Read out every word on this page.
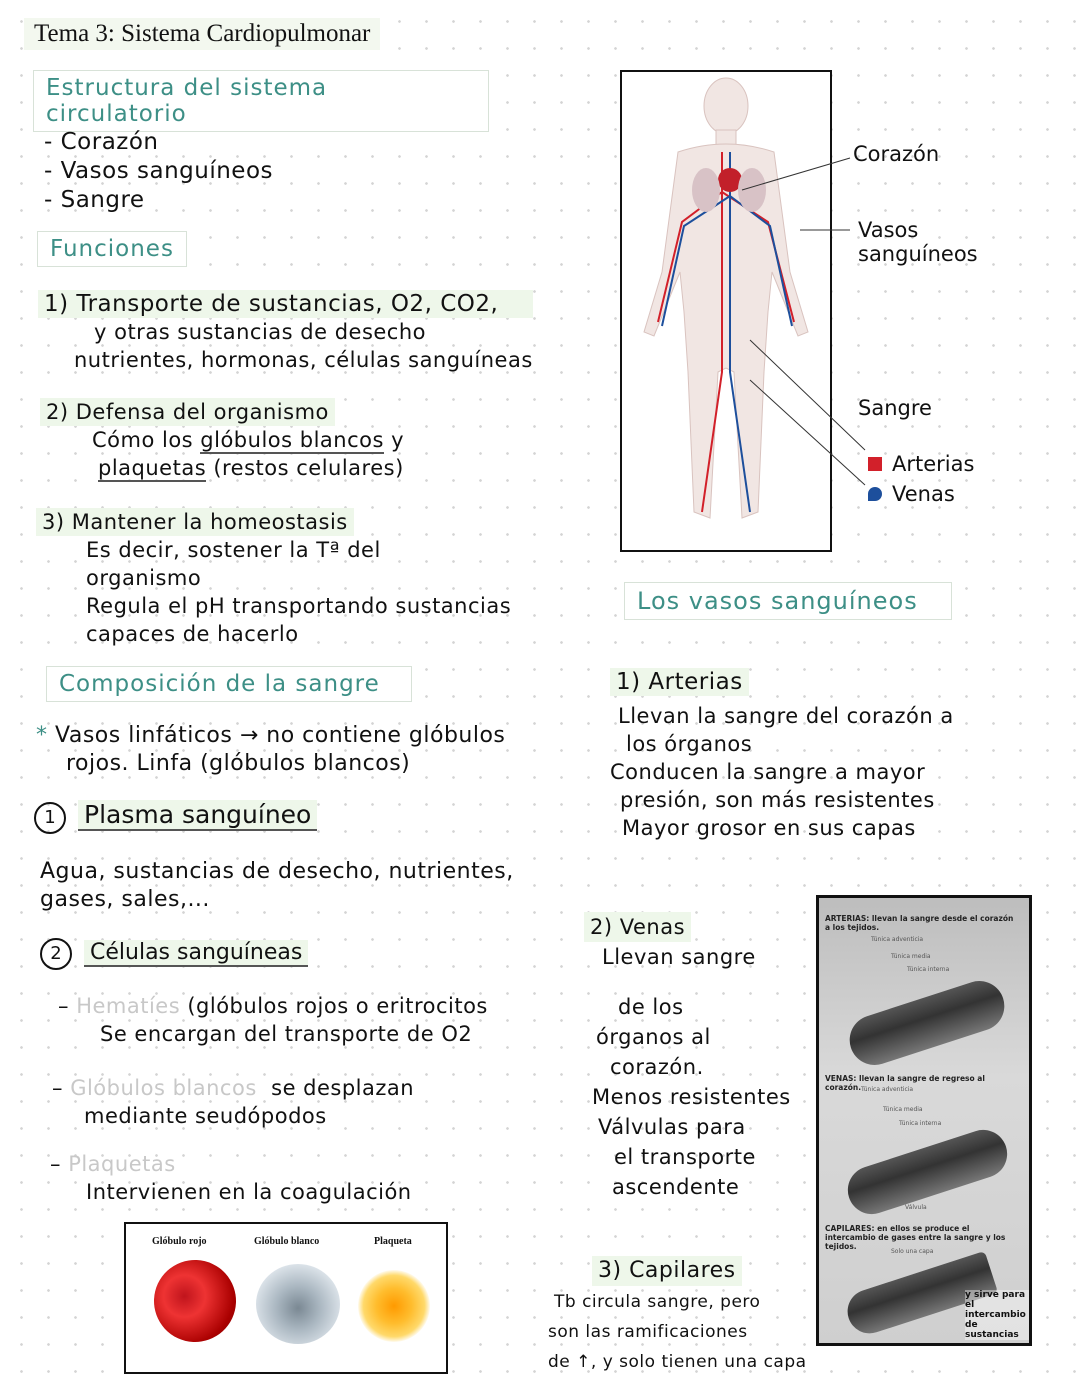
Tema 3: Sistema Cardiopulmonar
Estructura del sistema circulatorio
- Corazón
- Vasos sanguíneos
- Sangre
Funciones
1) Transporte de sustancias, O2, CO2,
y otras sustancias de desecho
nutrientes, hormonas, células sanguíneas
2) Defensa del organismo
Cómo los glóbulos blancos y
plaquetas (restos celulares)
3) Mantener la homeostasis
Es decir, sostener la Tª del
organismo
Regula el pH transportando sustancias
capaces de hacerlo
Composición de la sangre
* Vasos linfáticos → no contiene glóbulos
rojos. Linfa (glóbulos blancos)
1 Plasma sanguíneo
Agua, sustancias de desecho, nutrientes,
gases, sales,...
2 Células sanguíneas
– Hematíes (glóbulos rojos o eritrocitos
Se encargan del transporte de O2
– Glóbulos blancos se desplazan
mediante seudópodos
– Plaquetas
Intervienen en la coagulación
Glóbulo rojo	Glóbulo blanco	Plaqueta
Corazón
Vasos sanguíneos
Sangre
Arterias
Venas
Los vasos sanguíneos
1) Arterias
Llevan la sangre del corazón a
los órganos
Conducen la sangre a mayor
presión, son más resistentes
Mayor grosor en sus capas
2) Venas
Llevan sangre
de los
órganos al
corazón.
Menos resistentes
Válvulas para
el transporte
ascendente
3) Capilares
Tb circula sangre, pero
son las ramificaciones
de ↑, y solo tienen una capa
ARTERIAS: llevan la sangre desde el corazón a los tejidos.
Túnica adventicia
Túnica media
Túnica interna
VENAS: llevan la sangre de regreso al corazón. Túnica adventicia
Túnica media
Túnica interna
Válvula
CAPILARES: en ellos se produce el intercambio de gases entre la sangre y los tejidos.
Solo una capa
y sirve para
el intercambio
de sustancias
